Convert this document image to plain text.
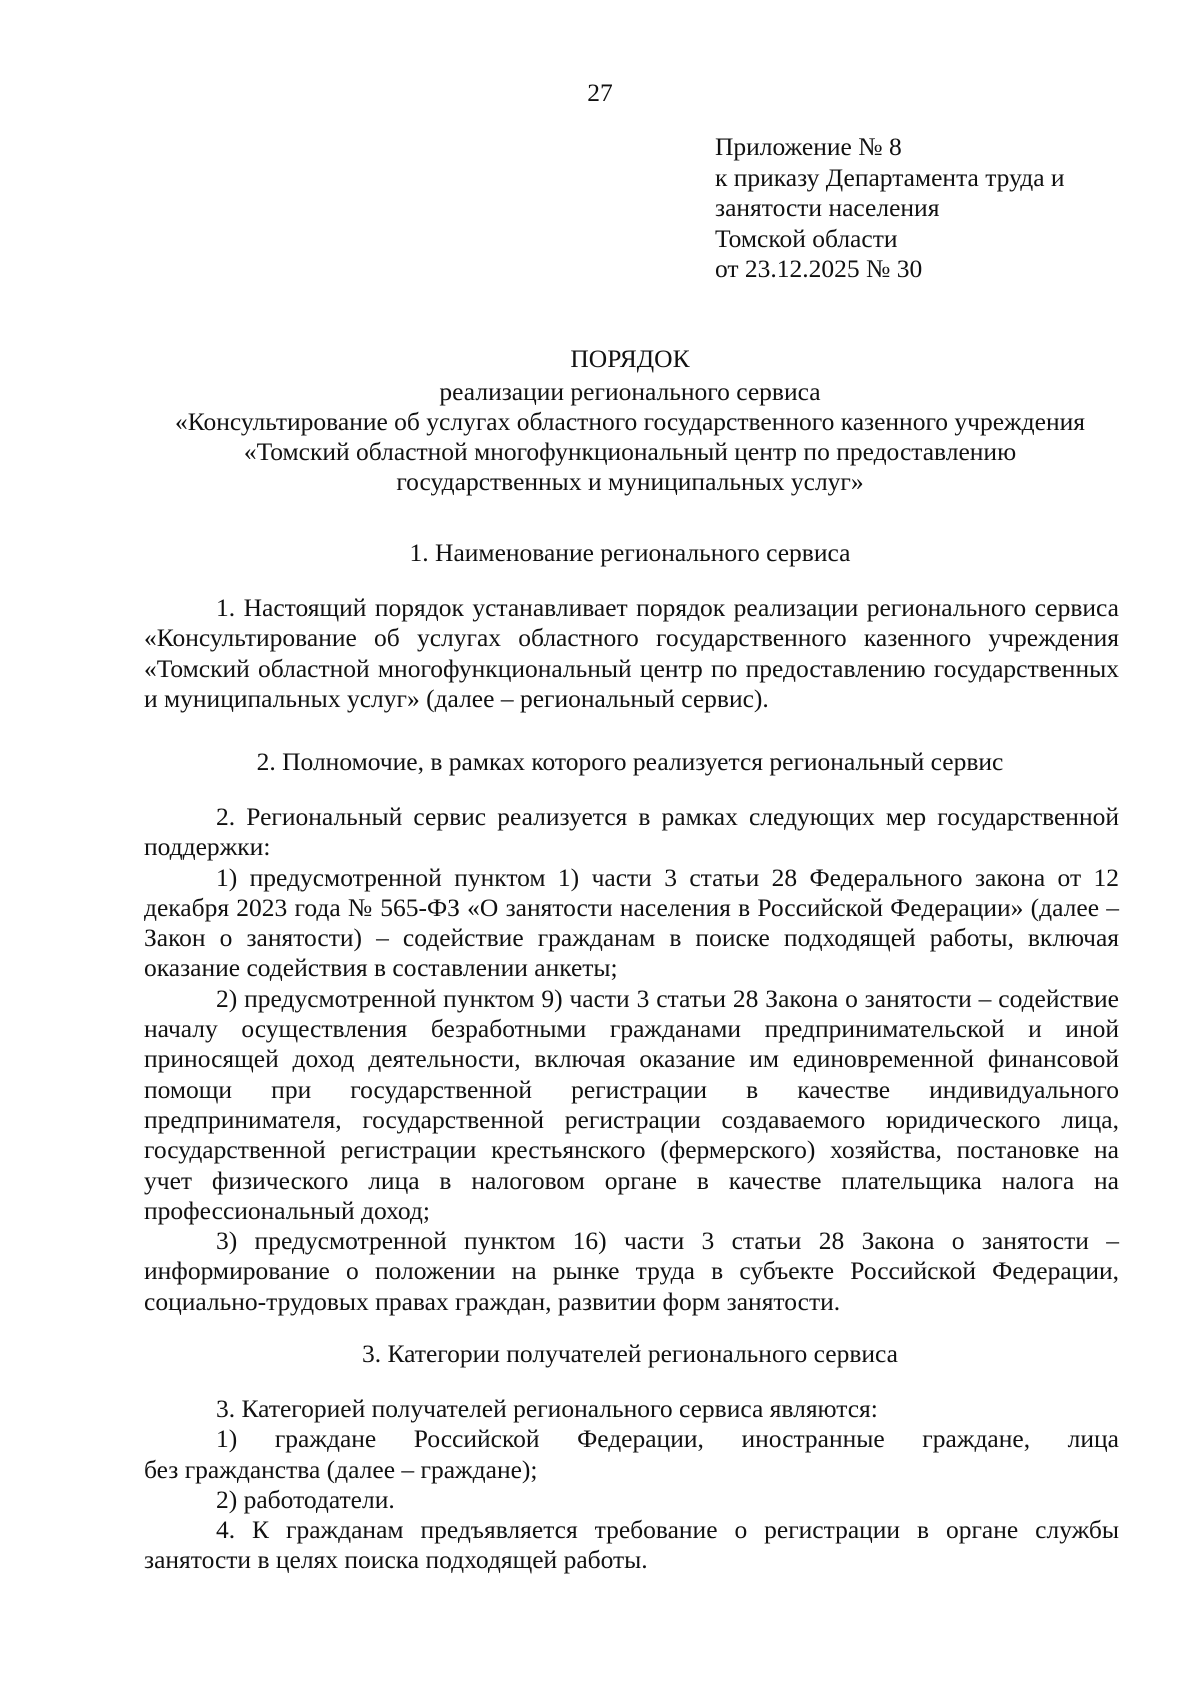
27
Приложение № 8
к приказу Департамента труда и
занятости населения
Томской области
от 23.12.2025 № 30
ПОРЯДОК
реализации регионального сервиса
«Консультирование об услугах областного государственного казенного учреждения
«Томский областной многофункциональный центр по предоставлению
государственных и муниципальных услуг»
1. Наименование регионального сервиса

1. Настоящий порядок устанавливает порядок реализации регионального сервиса «Консультирование об услугах областного государственного казенного учреждения «Томский областной многофункциональный центр по предоставлению государственных и муниципальных услуг» (далее – региональный сервис).

2. Полномочие, в рамках которого реализуется региональный сервис

2. Региональный сервис реализуется в рамках следующих мер государственной поддержки:

1) предусмотренной пунктом 1) части 3 статьи 28 Федерального закона от 12 декабря 2023 года № 565-ФЗ «О занятости населения в Российской Федерации» (далее – Закон о занятости) – содействие гражданам в поиске подходящей работы, включая оказание содействия в составлении анкеты;

2) предусмотренной пунктом 9) части 3 статьи 28 Закона о занятости – содействие началу осуществления безработными гражданами предпринимательской и иной приносящей доход деятельности, включая оказание им единовременной финансовой помощи при государственной регистрации в качестве индивидуального предпринимателя, государственной регистрации создаваемого юридического лица, государственной регистрации крестьянского (фермерского) хозяйства, постановке на учет физического лица в налоговом органе в качестве плательщика налога на профессиональный доход;

3) предусмотренной пунктом 16) части 3 статьи 28 Закона о занятости – информирование о положении на рынке труда в субъекте Российской Федерации, социально-трудовых правах граждан, развитии форм занятости.

3. Категории получателей регионального сервиса

3. Категорией получателей регионального сервиса являются:

1) граждане Российской Федерации, иностранные граждане, лица

без гражданства (далее – граждане);

2) работодатели.

4. К гражданам предъявляется требование о регистрации в органе службы занятости в целях поиска подходящей работы.
